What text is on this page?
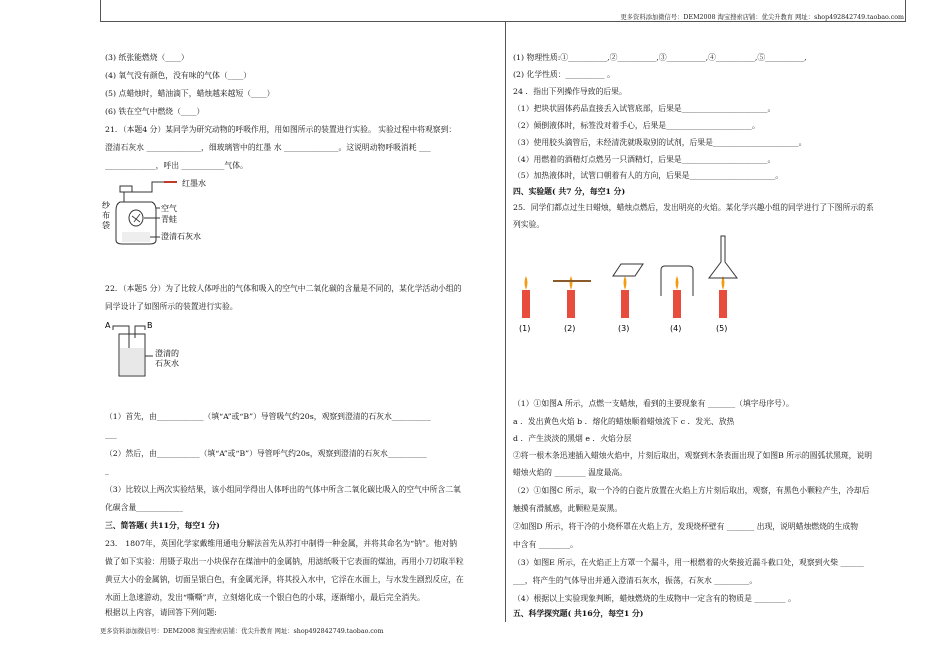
更多资料添加微信号：DEM2008 淘宝搜索店铺：优尖升教育 网址：shop492842749.taobao.com

(3) 纸张能燃烧（____）

(4) 氧气没有颜色，没有味的气体（____）

(5) 点蜡烛时，蜡油滴下，蜡烛越来越短（____）

(6) 铁在空气中燃烧（____）

21．（本题4 分）某同学为研究动物的呼吸作用，用如图所示的装置进行实验。 实验过程中将观察到：

澄清石灰水 ______________，细玻璃管中的红墨 水 ______________。这说明动物呼吸消耗 ___

_____________，呼出 ___________气体。

红墨水
空气
青蛙
澄清石灰水
纱
布
袋

22．（本题5 分）为了比较人体呼出的气体和吸入的空气中二氧化碳的含量是不同的，某化学活动小组的

同学设计了如图所示的装置进行实验。

A	B
澄清的
石灰水

（1）首先，由____________（填“A”或“B”）导管吸气约20s，观察到澄清的石灰水__________

___

（2）然后，由___________（填“A”或“B”）导管呼气约20s，观察到澄清的石灰水__________

_

（3）比较以上两次实验结果，该小组同学得出人体呼出的气体中所含二氧化碳比吸入的空气中所含二氧

化碳含量____________

三、简答题( 共11分，每空1 分)

23． 1807年，英国化学家戴维用通电分解法首先从苏打中制得一种金属，并将其命名为“钠”。他对钠

做了如下实验：用镊子取出一小块保存在煤油中的金属钠，用滤纸吸干它表面的煤油，再用小刀切取半粒

黄豆大小的金属钠，切面呈银白色，有金属光泽，将其投入水中，它浮在水面上，与水发生剧烈反应，在

水面上急速游动，发出“嘶嘶”声，立刻熔化成一个银白色的小球，逐渐缩小，最后完全消失。

根据以上内容，请回答下列问题:

(1) 物理性质:①__________,②__________,③__________,④__________,⑤__________,

(2) 化学性质：__________ 。

24 ．指出下列操作导致的后果。

（1）把块状固体药品直接丢入试管底部，后果是______________________。

（2）倾倒液体时，标签没对着手心，后果是______________________。

（3）使用胶头滴管后，未经清洗就吸取别的试剂，后果是______________________。

（4）用燃着的酒精灯点燃另一只酒精灯，后果是______________________。

（5）加热液体时，试管口朝着有人的方向，后果是______________________。

四、实验题( 共7 分，每空1 分)

25．同学们都点过生日蜡烛，蜡烛点燃后，发出明亮的火焰。某化学兴趣小组的同学进行了下图所示的系

列实验。

(1)	(2)	(3)	(4)	(5)

（1）①如图A 所示，点燃一支蜡烛，看到的主要现象有 _______（填字母序号）。

a ．发出黄色火焰 b ．熔化的蜡烛顺着蜡烛流下 c ．发光、放热

d ．产生淡淡的黑烟 e ．火焰分层

②将一根木条迅速插入蜡烛火焰中，片刻后取出，观察到木条表面出现了如图B 所示的圆弧状黑斑，说明

蜡烛火焰的 ________ 温度最高。

（2）①如图C 所示，取一个冷的白瓷片放置在火焰上方片刻后取出，观察，有黑色小颗粒产生，冷却后

触摸有滑腻感，此颗粒是炭黑。

②如图D 所示，将干冷的小烧杯罩在火焰上方，发现烧杯壁有 _______ 出现，说明蜡烛燃烧的生成物

中含有 ________。

（3）如图E 所示，在火焰正上方罩一个漏斗，用一根燃着的火柴接近漏斗截口处，观察到火柴 ______

___，将产生的气体导出并通入澄清石灰水，振荡，石灰水 _________。

（4）根据以上实验现象判断，蜡烛燃烧的生成物中一定含有的物质是 ________ 。

五、科学探究题( 共16分，每空1 分)

更多资料添加微信号：DEM2008 淘宝搜索店铺：优尖升教育 网址：shop492842749.taobao.com
